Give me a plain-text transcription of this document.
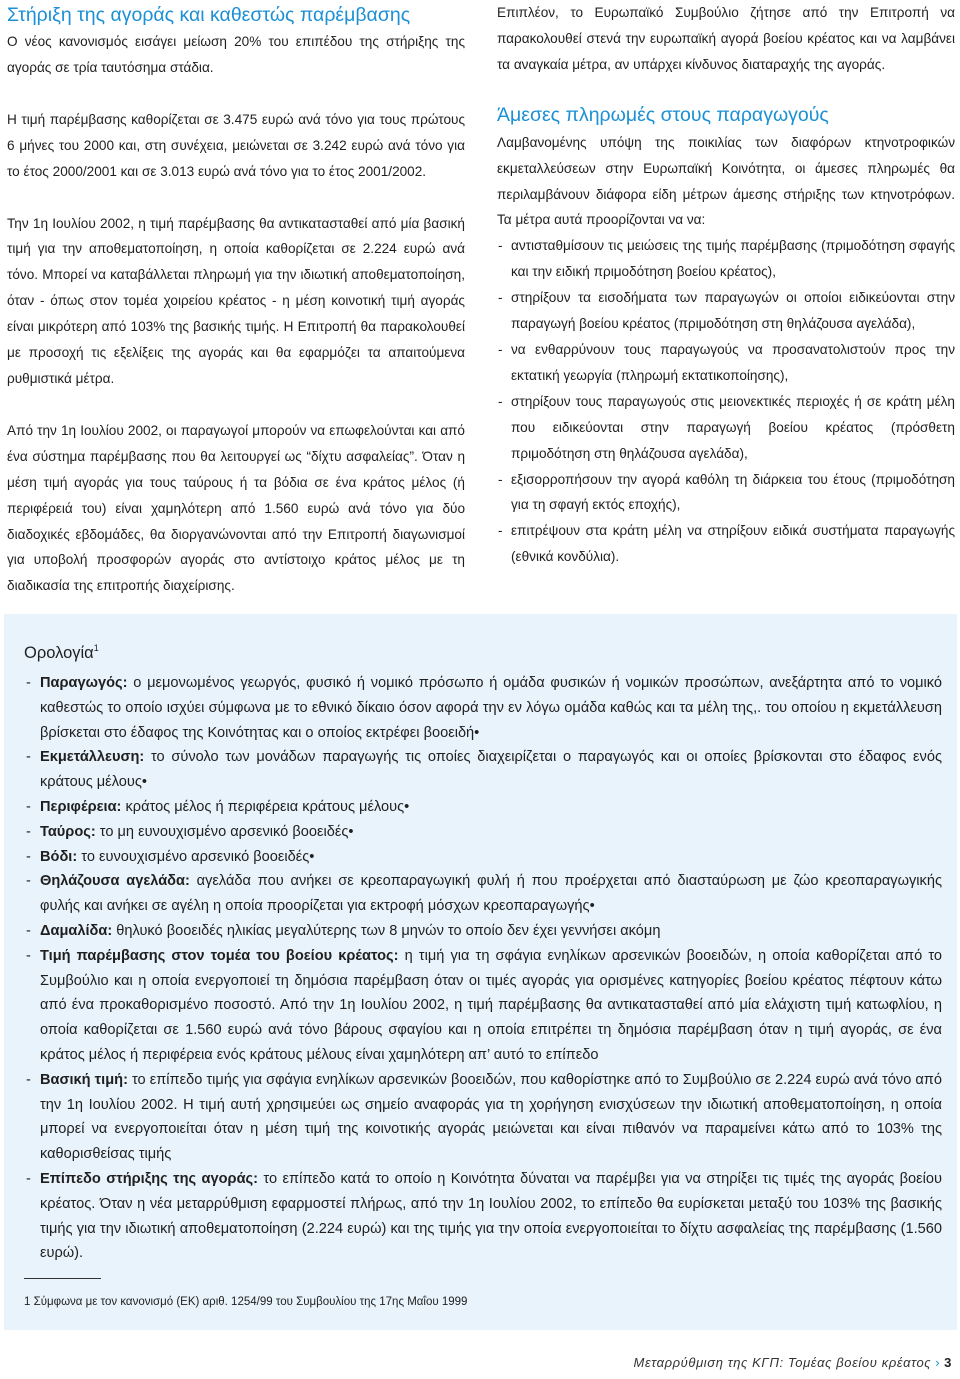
Στήριξη της αγοράς και καθεστώς παρέμβασης

Ο νέος κανονισμός εισάγει μείωση 20% του επιπέδου της στήριξης της αγοράς σε τρία ταυτόσημα στάδια.

Η τιμή παρέμβασης καθορίζεται σε 3.475 ευρώ ανά τόνο για τους πρώτους 6 μήνες του 2000 και, στη συνέχεια, μειώνεται σε 3.242 ευρώ ανά τόνο για το έτος 2000/2001 και σε 3.013 ευρώ ανά τόνο για το έτος 2001/2002.

Την 1η Ιουλίου 2002, η τιμή παρέμβασης θα αντικατασταθεί από μία βασική τιμή για την αποθεματοποίηση, η οποία καθορίζεται σε 2.224 ευρώ ανά τόνο. Μπορεί να καταβάλλεται πληρωμή για την ιδιωτική αποθεματοποίηση, όταν - όπως στον τομέα χοιρείου κρέατος - η μέση κοινοτική τιμή αγοράς είναι μικρότερη από 103% της βασικής τιμής. Η Επιτροπή θα παρακολουθεί με προσοχή τις εξελίξεις της αγοράς και θα εφαρμόζει τα απαιτούμενα ρυθμιστικά μέτρα.

Από την 1η Ιουλίου 2002, οι παραγωγοί μπορούν να επωφελούνται και από ένα σύστημα παρέμβασης που θα λειτουργεί ως “δίχτυ ασφαλείας”. Όταν η μέση τιμή αγοράς για τους ταύρους ή τα βόδια σε ένα κράτος μέλος (ή περιφέρειά του) είναι χαμηλότερη από 1.560 ευρώ ανά τόνο για δύο διαδοχικές εβδομάδες, θα διοργανώνονται από την Επιτροπή διαγωνισμοί για υποβολή προσφορών αγοράς στο αντίστοιχο κράτος μέλος με τη διαδικασία της επιτροπής διαχείρισης.

Επιπλέον, το Ευρωπαϊκό Συμβούλιο ζήτησε από την Επιτροπή να παρακολουθεί στενά την ευρωπαϊκή αγορά βοείου κρέατος και να λαμβάνει τα αναγκαία μέτρα, αν υπάρχει κίνδυνος διαταραχής της αγοράς.

Άμεσες πληρωμές στους παραγωγούς

Λαμβανομένης υπόψη της ποικιλίας των διαφόρων κτηνοτροφικών εκμεταλλεύσεων στην Ευρωπαϊκή Κοινότητα, οι άμεσες πληρωμές θα περιλαμβάνουν διάφορα είδη μέτρων άμεσης στήριξης των κτηνοτρόφων. Τα μέτρα αυτά προορίζονται να να:

- αντισταθμίσουν τις μειώσεις της τιμής παρέμβασης (πριμοδότηση σφαγής και την ειδική πριμοδότηση βοείου κρέατος),
- στηρίξουν τα εισοδήματα των παραγωγών οι οποίοι ειδικεύονται στην παραγωγή βοείου κρέατος (πριμοδότηση στη θηλάζουσα αγελάδα),
- να ενθαρρύνουν τους παραγωγούς να προσανατολιστούν προς την εκτατική γεωργία (πληρωμή εκτατικοποίησης),
- στηρίξουν τους παραγωγούς στις μειονεκτικές περιοχές ή σε κράτη μέλη που ειδικεύονται στην παραγωγή βοείου κρέατος (πρόσθετη πριμοδότηση στη θηλάζουσα αγελάδα),
- εξισορροπήσουν την αγορά καθόλη τη διάρκεια του έτους (πριμοδότηση για τη σφαγή εκτός εποχής),
- επιτρέψουν στα κράτη μέλη να στηρίξουν ειδικά συστήματα παραγωγής (εθνικά κονδύλια).
Ορολογία$^1$
- Παραγωγός: ο μεμονωμένος γεωργός, φυσικό ή νομικό πρόσωπο ή ομάδα φυσικών ή νομικών προσώπων, ανεξάρτητα από το νομικό καθεστώς το οποίο ισχύει σύμφωνα με το εθνικό δίκαιο όσον αφορά την εν λόγω ομάδα καθώς και τα μέλη της,. του οποίου η εκμετάλλευση βρίσκεται στο έδαφος της Κοινότητας και ο οποίος εκτρέφει βοοειδή•
- Εκμετάλλευση: το σύνολο των μονάδων παραγωγής τις οποίες διαχειρίζεται ο παραγωγός και οι οποίες βρίσκονται στο έδαφος ενός κράτους μέλους•
- Περιφέρεια: κράτος μέλος ή περιφέρεια κράτους μέλους•
- Ταύρος: το μη ευνουχισμένο αρσενικό βοοειδές•
- Βόδι: το ευνουχισμένο αρσενικό βοοειδές•
- Θηλάζουσα αγελάδα: αγελάδα που ανήκει σε κρεοπαραγωγική φυλή ή που προέρχεται από διασταύρωση με ζώο κρεοπαραγωγικής φυλής και ανήκει σε αγέλη η οποία προορίζεται για εκτροφή μόσχων κρεοπαραγωγής•
- Δαμαλίδα: θηλυκό βοοειδές ηλικίας μεγαλύτερης των 8 μηνών το οποίο δεν έχει γεννήσει ακόμη
- Τιμή παρέμβασης στον τομέα του βοείου κρέατος: η τιμή για τη σφάγια ενηλίκων αρσενικών βοοειδών, η οποία καθορίζεται από το Συμβούλιο και η οποία ενεργοποιεί τη δημόσια παρέμβαση όταν οι τιμές αγοράς για ορισμένες κατηγορίες βοείου κρέατος πέφτουν κάτω από ένα προκαθορισμένο ποσοστό. Από την 1η Ιουλίου 2002, η τιμή παρέμβασης θα αντικατασταθεί από μία ελάχιστη τιμή κατωφλίου, η οποία καθορίζεται σε 1.560 ευρώ ανά τόνο βάρους σφαγίου και η οποία επιτρέπει τη δημόσια παρέμβαση όταν η τιμή αγοράς, σε ένα κράτος μέλος ή περιφέρεια ενός κράτους μέλους είναι χαμηλότερη απ’ αυτό το επίπεδο
- Βασική τιμή: το επίπεδο τιμής για σφάγια ενηλίκων αρσενικών βοοειδών, που καθορίστηκε από το Συμβούλιο σε 2.224 ευρώ ανά τόνο από την 1η Ιουλίου 2002. Η τιμή αυτή χρησιμεύει ως σημείο αναφοράς για τη χορήγηση ενισχύσεων την ιδιωτική αποθεματοποίηση, η οποία μπορεί να ενεργοποιείται όταν η μέση τιμή της κοινοτικής αγοράς μειώνεται και είναι πιθανόν να παραμείνει κάτω από το 103% της καθορισθείσας τιμής
- Επίπεδο στήριξης της αγοράς: το επίπεδο κατά το οποίο η Κοινότητα δύναται να παρέμβει για να στηρίξει τις τιμές της αγοράς βοείου κρέατος. Όταν η νέα μεταρρύθμιση εφαρμοστεί πλήρως, από την 1η Ιουλίου 2002, το επίπεδο θα ευρίσκεται μεταξύ του 103% της βασικής τιμής για την ιδιωτική αποθεματοποίηση (2.224 ευρώ) και της τιμής για την οποία ενεργοποιείται το δίχτυ ασφαλείας της παρέμβασης (1.560 ευρώ).
1 Σύμφωνα με τον κανονισμό (ΕΚ) αριθ. 1254/99 του Συμβουλίου της 17ης Μαΐου 1999
Μεταρρύθμιση της ΚΓΠ: Τομέας βοείου κρέατος › 3
